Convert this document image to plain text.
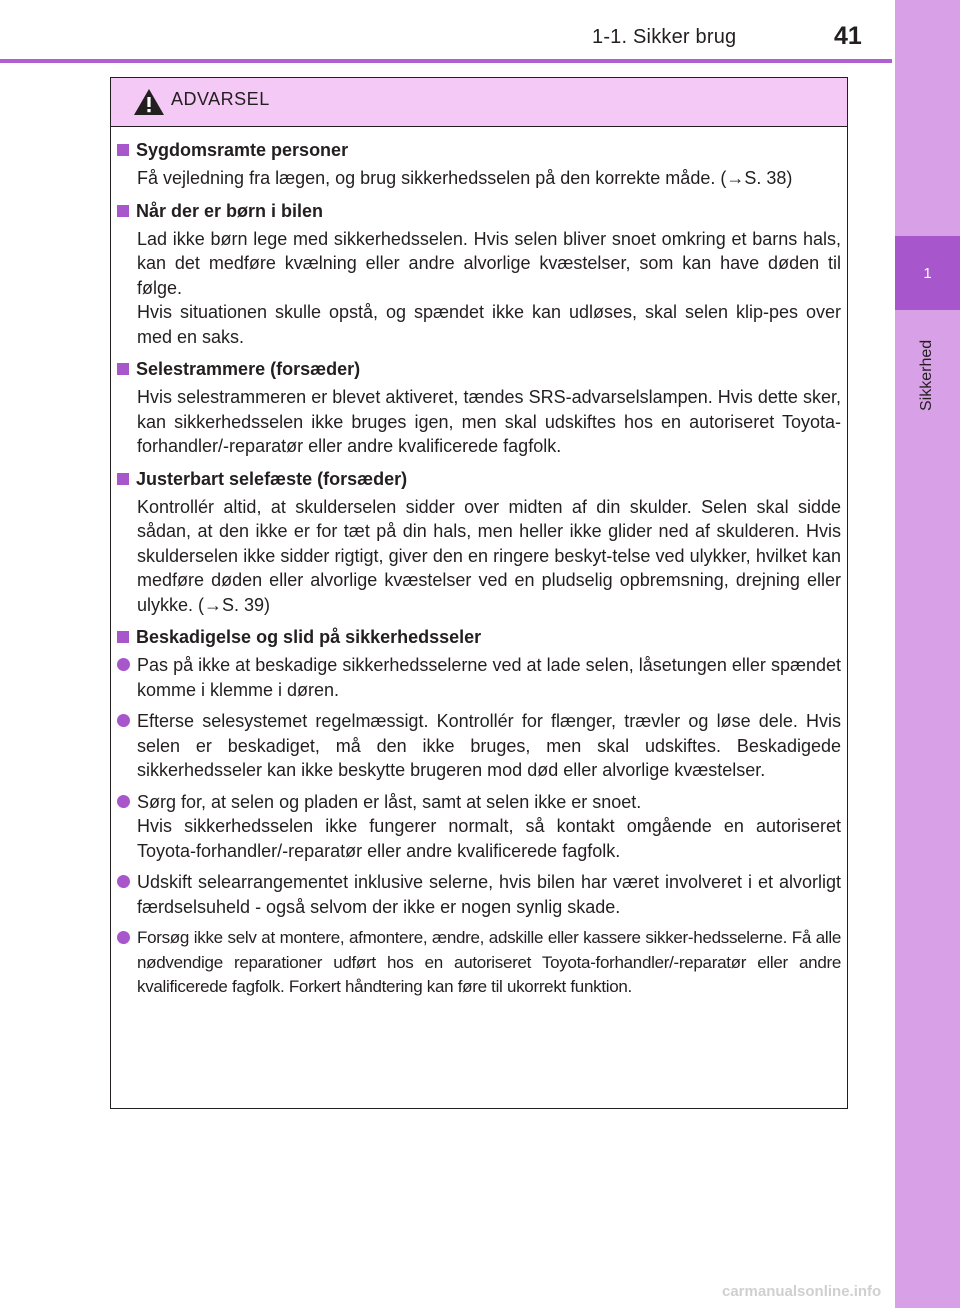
1-1. Sikker brug	41
1
Sikkerhed
ADVARSEL
Sygdomsramte personer
Få vejledning fra lægen, og brug sikkerhedsselen på den korrekte måde. (→S. 38)
Når der er børn i bilen
Lad ikke børn lege med sikkerhedsselen. Hvis selen bliver snoet omkring et barns hals, kan det medføre kvælning eller andre alvorlige kvæstelser, som kan have døden til følge.
Hvis situationen skulle opstå, og spændet ikke kan udløses, skal selen klip-pes over med en saks.
Selestrammere (forsæder)
Hvis selestrammeren er blevet aktiveret, tændes SRS-advarselslampen. Hvis dette sker, kan sikkerhedsselen ikke bruges igen, men skal udskiftes hos en autoriseret Toyota-forhandler/-reparatør eller andre kvalificerede fagfolk.
Justerbart selefæste (forsæder)
Kontrollér altid, at skulderselen sidder over midten af din skulder. Selen skal sidde sådan, at den ikke er for tæt på din hals, men heller ikke glider ned af skulderen. Hvis skulderselen ikke sidder rigtigt, giver den en ringere beskyt-telse ved ulykker, hvilket kan medføre døden eller alvorlige kvæstelser ved en pludselig opbremsning, drejning eller ulykke. (→S. 39)
Beskadigelse og slid på sikkerhedsseler
Pas på ikke at beskadige sikkerhedsselerne ved at lade selen, låsetungen eller spændet komme i klemme i døren.
Efterse selesystemet regelmæssigt. Kontrollér for flænger, trævler og løse dele. Hvis selen er beskadiget, må den ikke bruges, men skal udskiftes. Beskadigede sikkerhedsseler kan ikke beskytte brugeren mod død eller alvorlige kvæstelser.
Sørg for, at selen og pladen er låst, samt at selen ikke er snoet.
Hvis sikkerhedsselen ikke fungerer normalt, så kontakt omgående en autoriseret Toyota-forhandler/-reparatør eller andre kvalificerede fagfolk.
Udskift selearrangementet inklusive selerne, hvis bilen har været involveret i et alvorligt færdselsuheld - også selvom der ikke er nogen synlig skade.
Forsøg ikke selv at montere, afmontere, ændre, adskille eller kassere sikker-hedsselerne. Få alle nødvendige reparationer udført hos en autoriseret Toyota-forhandler/-reparatør eller andre kvalificerede fagfolk. Forkert håndtering kan føre til ukorrekt funktion.
carmanualsonline.info
